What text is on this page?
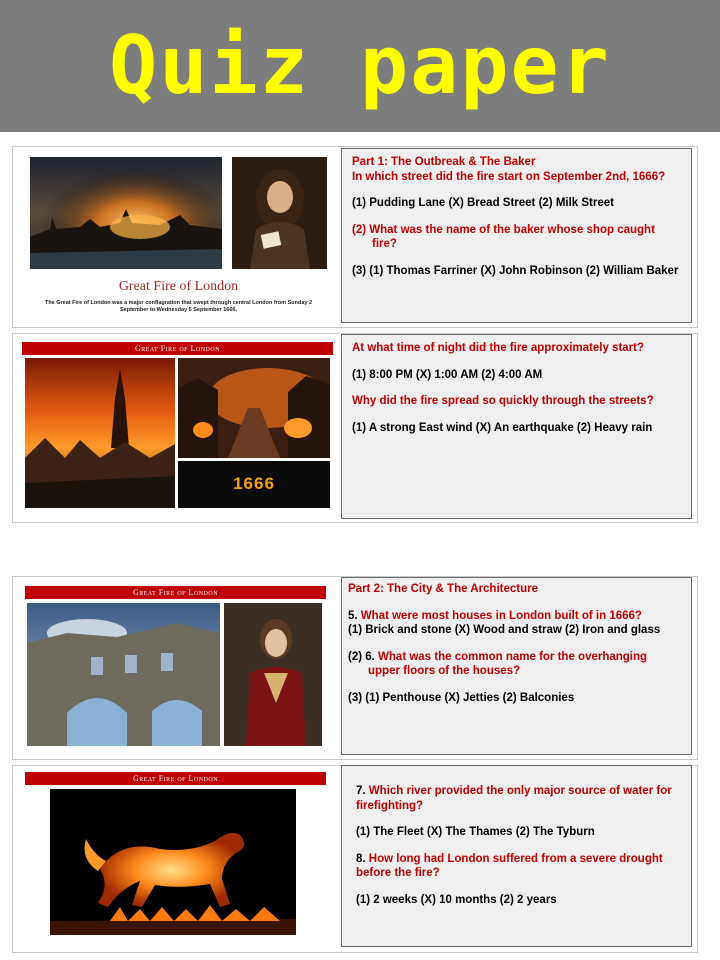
Quiz paper
Great Fire of London
The Great Fire of London was a major conflagration that swept through central London from Sunday 2 September to Wednesday 5 September 1666.

Part 1: The Outbreak & The Baker

In which street did the fire start on September 2nd, 1666?

(1) Pudding Lane (X) Bread Street (2) Milk Street

(2) What was the name of the baker whose shop caught fire?

(3) (1) Thomas Farriner (X) John Robinson (2) William Baker

Great Fire of London
1666

At what time of night did the fire approximately start?

(1) 8:00 PM (X) 1:00 AM (2) 4:00 AM

Why did the fire spread so quickly through the streets?

(1) A strong East wind (X) An earthquake (2) Heavy rain

Great Fire of London	Part 2: The City & The Architecture

5. What were most houses in London built of in 1666?

(1) Brick and stone (X) Wood and straw (2) Iron and glass

(2) 6. What was the common name for the overhanging upper floors of the houses?

(3) (1) Penthouse (X) Jetties (2) Balconies

Great Fire of London

7. Which river provided the only major source of water for firefighting?

(1) The Fleet (X) The Thames (2) The Tyburn

8. How long had London suffered from a severe drought before the fire?

(1) 2 weeks (X) 10 months (2) 2 years
